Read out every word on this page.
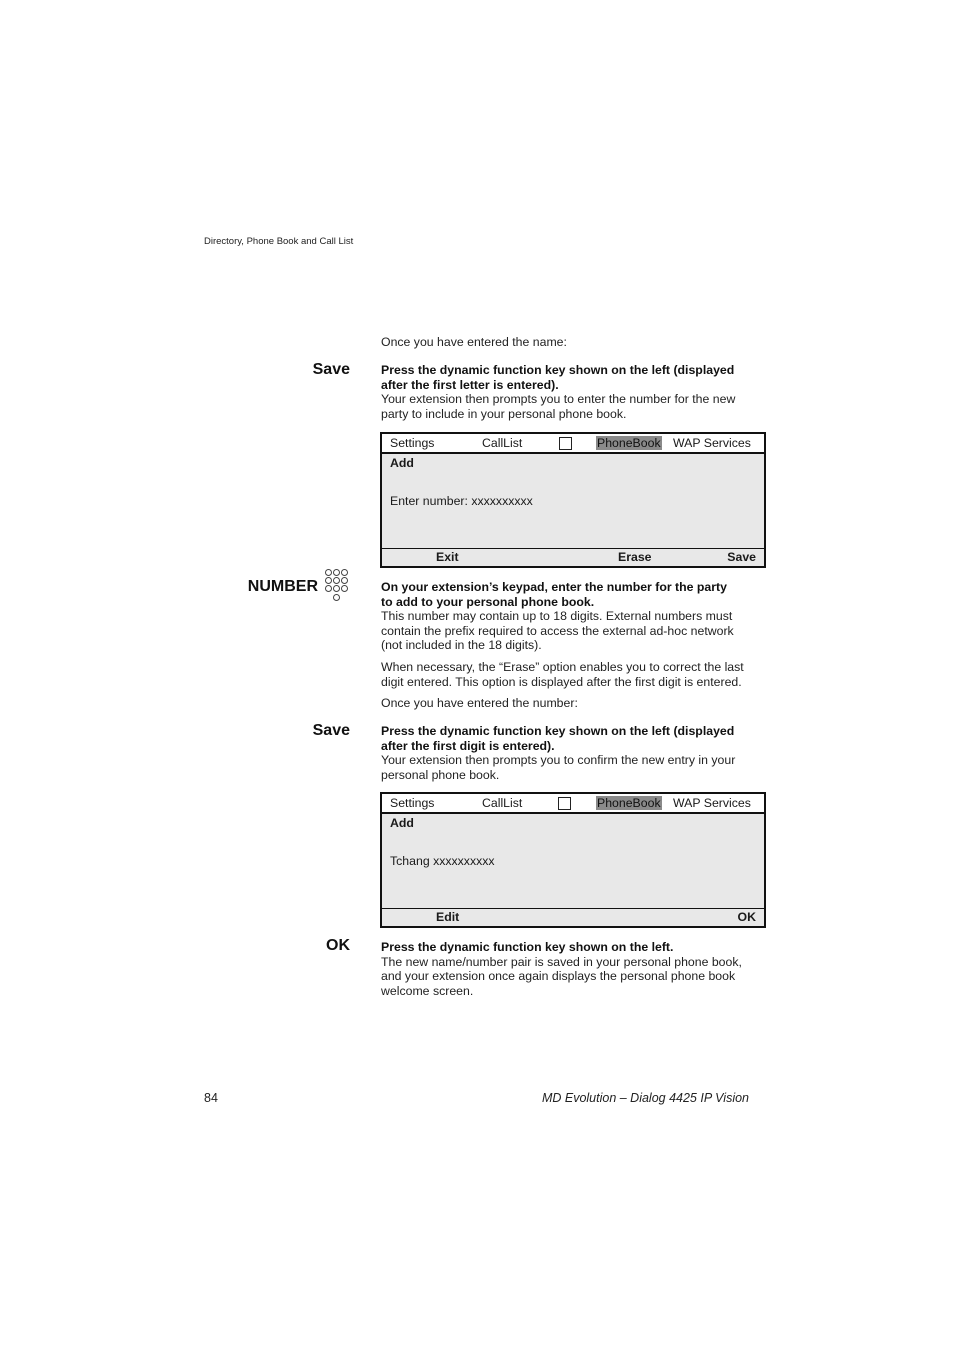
Directory, Phone Book and Call List
Once you have entered the name:
Save	Press the dynamic function key shown on the left (displayed
after the first letter is entered).
Your extension then prompts you to enter the number for the new
party to include in your personal phone book.
Settings	CallList	PhoneBook WAP Services
Add
Enter number: xxxxxxxxxx
Exit	Erase	Save
NUMBER	On your extension’s keypad, enter the number for the party
to add to your personal phone book.
This number may contain up to 18 digits. External numbers must
contain the prefix required to access the external ad-hoc network
(not included in the 18 digits).
When necessary, the “Erase” option enables you to correct the last
digit entered. This option is displayed after the first digit is entered.
Once you have entered the number:
Save	Press the dynamic function key shown on the left (displayed
after the first digit is entered).
Your extension then prompts you to confirm the new entry in your
personal phone book.
Settings	CallList	PhoneBook WAP Services
Add
Tchang xxxxxxxxxx
Edit	OK
OK	Press the dynamic function key shown on the left.
The new name/number pair is saved in your personal phone book,
and your extension once again displays the personal phone book
welcome screen.
84	MD Evolution – Dialog 4425 IP Vision
